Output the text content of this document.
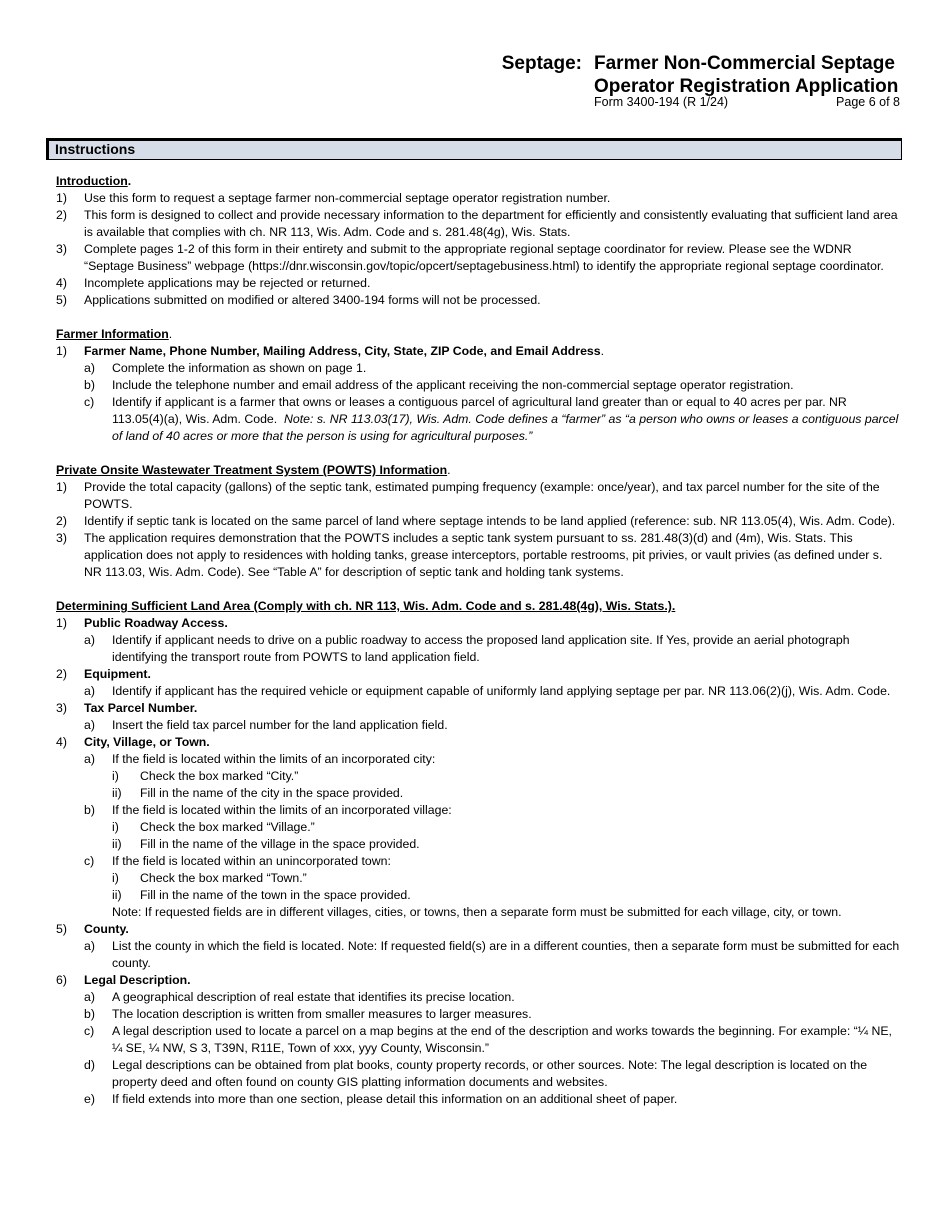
Septage: Farmer Non-Commercial Septage
Operator Registration Application
Form 3400-194 (R 1/24)	Page 6 of 8
Instructions
Introduction.
1)	Use this form to request a septage farmer non-commercial septage operator registration number.
2)	This form is designed to collect and provide necessary information to the department for efficiently and consistently evaluating that sufficient land area is available that complies with ch. NR 113, Wis. Adm. Code and s. 281.48(4g), Wis. Stats.
3)	Complete pages 1-2 of this form in their entirety and submit to the appropriate regional septage coordinator for review. Please see the WDNR “Septage Business” webpage (https://dnr.wisconsin.gov/topic/opcert/septagebusiness.html) to identify the appropriate regional septage coordinator.
4)	Incomplete applications may be rejected or returned.
5)	Applications submitted on modified or altered 3400-194 forms will not be processed.
Farmer Information.
1)	Farmer Name, Phone Number, Mailing Address, City, State, ZIP Code, and Email Address .
a)	Complete the information as shown on page 1.
b)	Include the telephone number and email address of the applicant receiving the non-commercial septage operator registration.
c)	Identify if applicant is a farmer that owns or leases a contiguous parcel of agricultural land greater than or equal to 40 acres per par. NR 113.05(4)(a), Wis. Adm. Code. Note: s. NR 113.03(17), Wis. Adm. Code defines a “farmer” as “a person who owns or leases a contiguous parcel of land of 40 acres or more that the person is using for agricultural purposes.”
Private Onsite Wastewater Treatment System (POWTS) Information.
1)	Provide the total capacity (gallons) of the septic tank, estimated pumping frequency (example: once/year), and tax parcel number for the site of the POWTS.
2)	Identify if septic tank is located on the same parcel of land where septage intends to be land applied (reference: sub. NR 113.05(4), Wis. Adm. Code).
3)	The application requires demonstration that the POWTS includes a septic tank system pursuant to ss. 281.48(3)(d) and (4m), Wis. Stats. This application does not apply to residences with holding tanks, grease interceptors, portable restrooms, pit privies, or vault privies (as defined under s. NR 113.03, Wis. Adm. Code). See “Table A” for description of septic tank and holding tank systems.
Determining Sufficient Land Area (Comply with ch. NR 113, Wis. Adm. Code and s. 281.48(4g), Wis. Stats.).
1)	Public Roadway Access.
a)	Identify if applicant needs to drive on a public roadway to access the proposed land application site. If Yes, provide an aerial photograph identifying the transport route from POWTS to land application field.
2)	Equipment.
a)	Identify if applicant has the required vehicle or equipment capable of uniformly land applying septage per par. NR 113.06(2)(j), Wis. Adm. Code.
3)	Tax Parcel Number.
a)	Insert the field tax parcel number for the land application field.
4)	City, Village, or Town.
a)	If the field is located within the limits of an incorporated city:
i)	Check the box marked “City.”
ii)	Fill in the name of the city in the space provided.
b)	If the field is located within the limits of an incorporated village:
i)	Check the box marked “Village.”
ii)	Fill in the name of the village in the space provided.
c)	If the field is located within an unincorporated town:
i)	Check the box marked “Town.”
ii)	Fill in the name of the town in the space provided.
Note: If requested fields are in different villages, cities, or towns, then a separate form must be submitted for each village, city, or town.
5)	County.
a)	List the county in which the field is located. Note: If requested field(s) are in a different counties, then a separate form must be submitted for each county.
6)	Legal Description.
a)	A geographical description of real estate that identifies its precise location.
b)	The location description is written from smaller measures to larger measures.
c)	A legal description used to locate a parcel on a map begins at the end of the description and works towards the beginning. For example: “¼ NE, ¼ SE, ¼ NW, S 3, T39N, R11E, Town of xxx, yyy County, Wisconsin.”
d)	Legal descriptions can be obtained from plat books, county property records, or other sources. Note: The legal description is located on the property deed and often found on county GIS platting information documents and websites.
e)	If field extends into more than one section, please detail this information on an additional sheet of paper.
